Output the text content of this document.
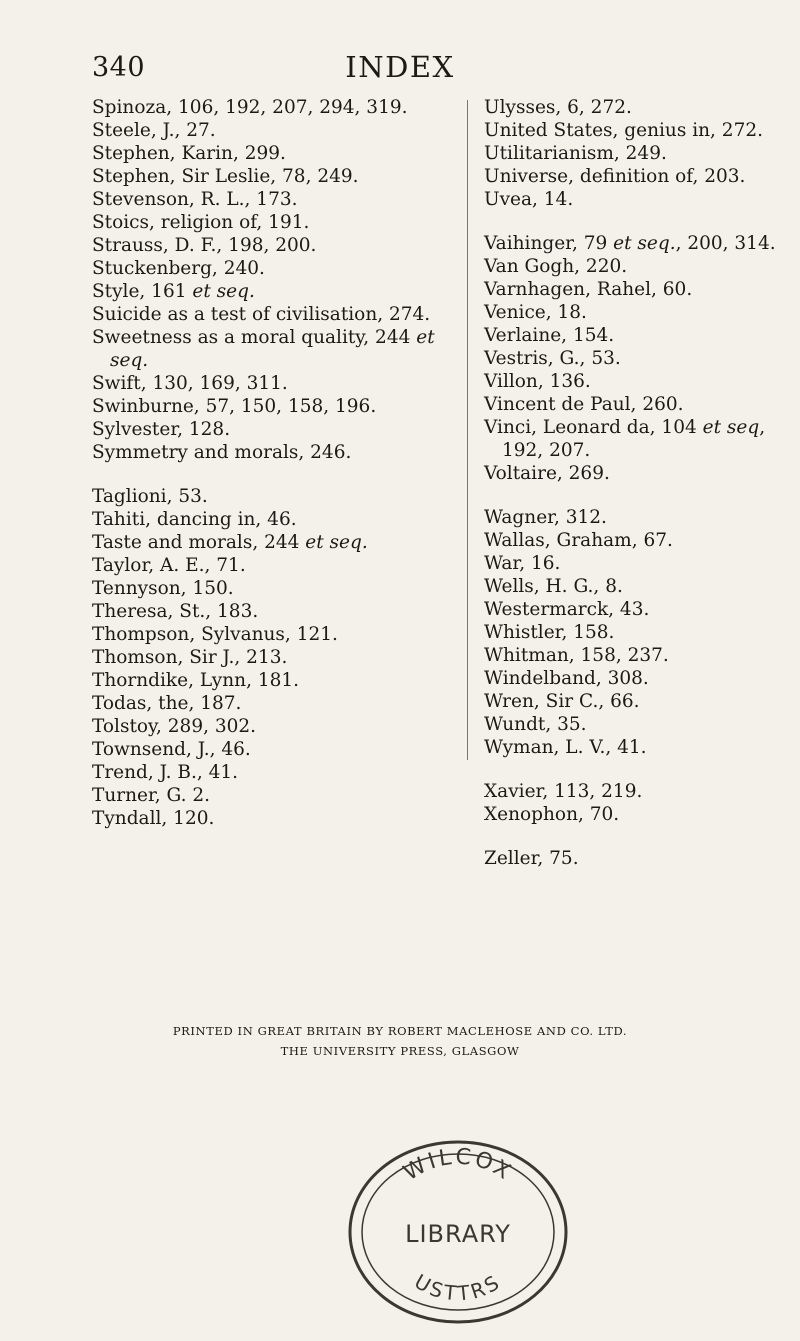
340	INDEX
Spinoza, 106, 192, 207, 294, 319.
Steele, J., 27.
Stephen, Karin, 299.
Stephen, Sir Leslie, 78, 249.
Stevenson, R. L., 173.
Stoics, religion of, 191.
Strauss, D. F., 198, 200.
Stuckenberg, 240.
Style, 161 et seq.
Suicide as a test of civilisation, 274.
Sweetness as a moral quality, 244 et seq.
Swift, 130, 169, 311.
Swinburne, 57, 150, 158, 196.
Sylvester, 128.
Symmetry and morals, 246.
Taglioni, 53.
Tahiti, dancing in, 46.
Taste and morals, 244 et seq.
Taylor, A. E., 71.
Tennyson, 150.
Theresa, St., 183.
Thompson, Sylvanus, 121.
Thomson, Sir J., 213.
Thorndike, Lynn, 181.
Todas, the, 187.
Tolstoy, 289, 302.
Townsend, J., 46.
Trend, J. B., 41.
Turner, G. 2.
Tyndall, 120.
Ulysses, 6, 272.
United States, genius in, 272.
Utilitarianism, 249.
Universe, definition of, 203.
Uvea, 14.
Vaihinger, 79 et seq., 200, 314.
Van Gogh, 220.
Varnhagen, Rahel, 60.
Venice, 18.
Verlaine, 154.
Vestris, G., 53.
Villon, 136.
Vincent de Paul, 260.
Vinci, Leonard da, 104 et seq, 192, 207.
Voltaire, 269.
Wagner, 312.
Wallas, Graham, 67.
War, 16.
Wells, H. G., 8.
Westermarck, 43.
Whistler, 158.
Whitman, 158, 237.
Windelband, 308.
Wren, Sir C., 66.
Wundt, 35.
Wyman, L. V., 41.
Xavier, 113, 219.
Xenophon, 70.
Zeller, 75.
PRINTED IN GREAT BRITAIN BY ROBERT MACLEHOSE AND CO. LTD.
THE UNIVERSITY PRESS, GLASGOW
WILCOX
LIBRARY
USTTRS
